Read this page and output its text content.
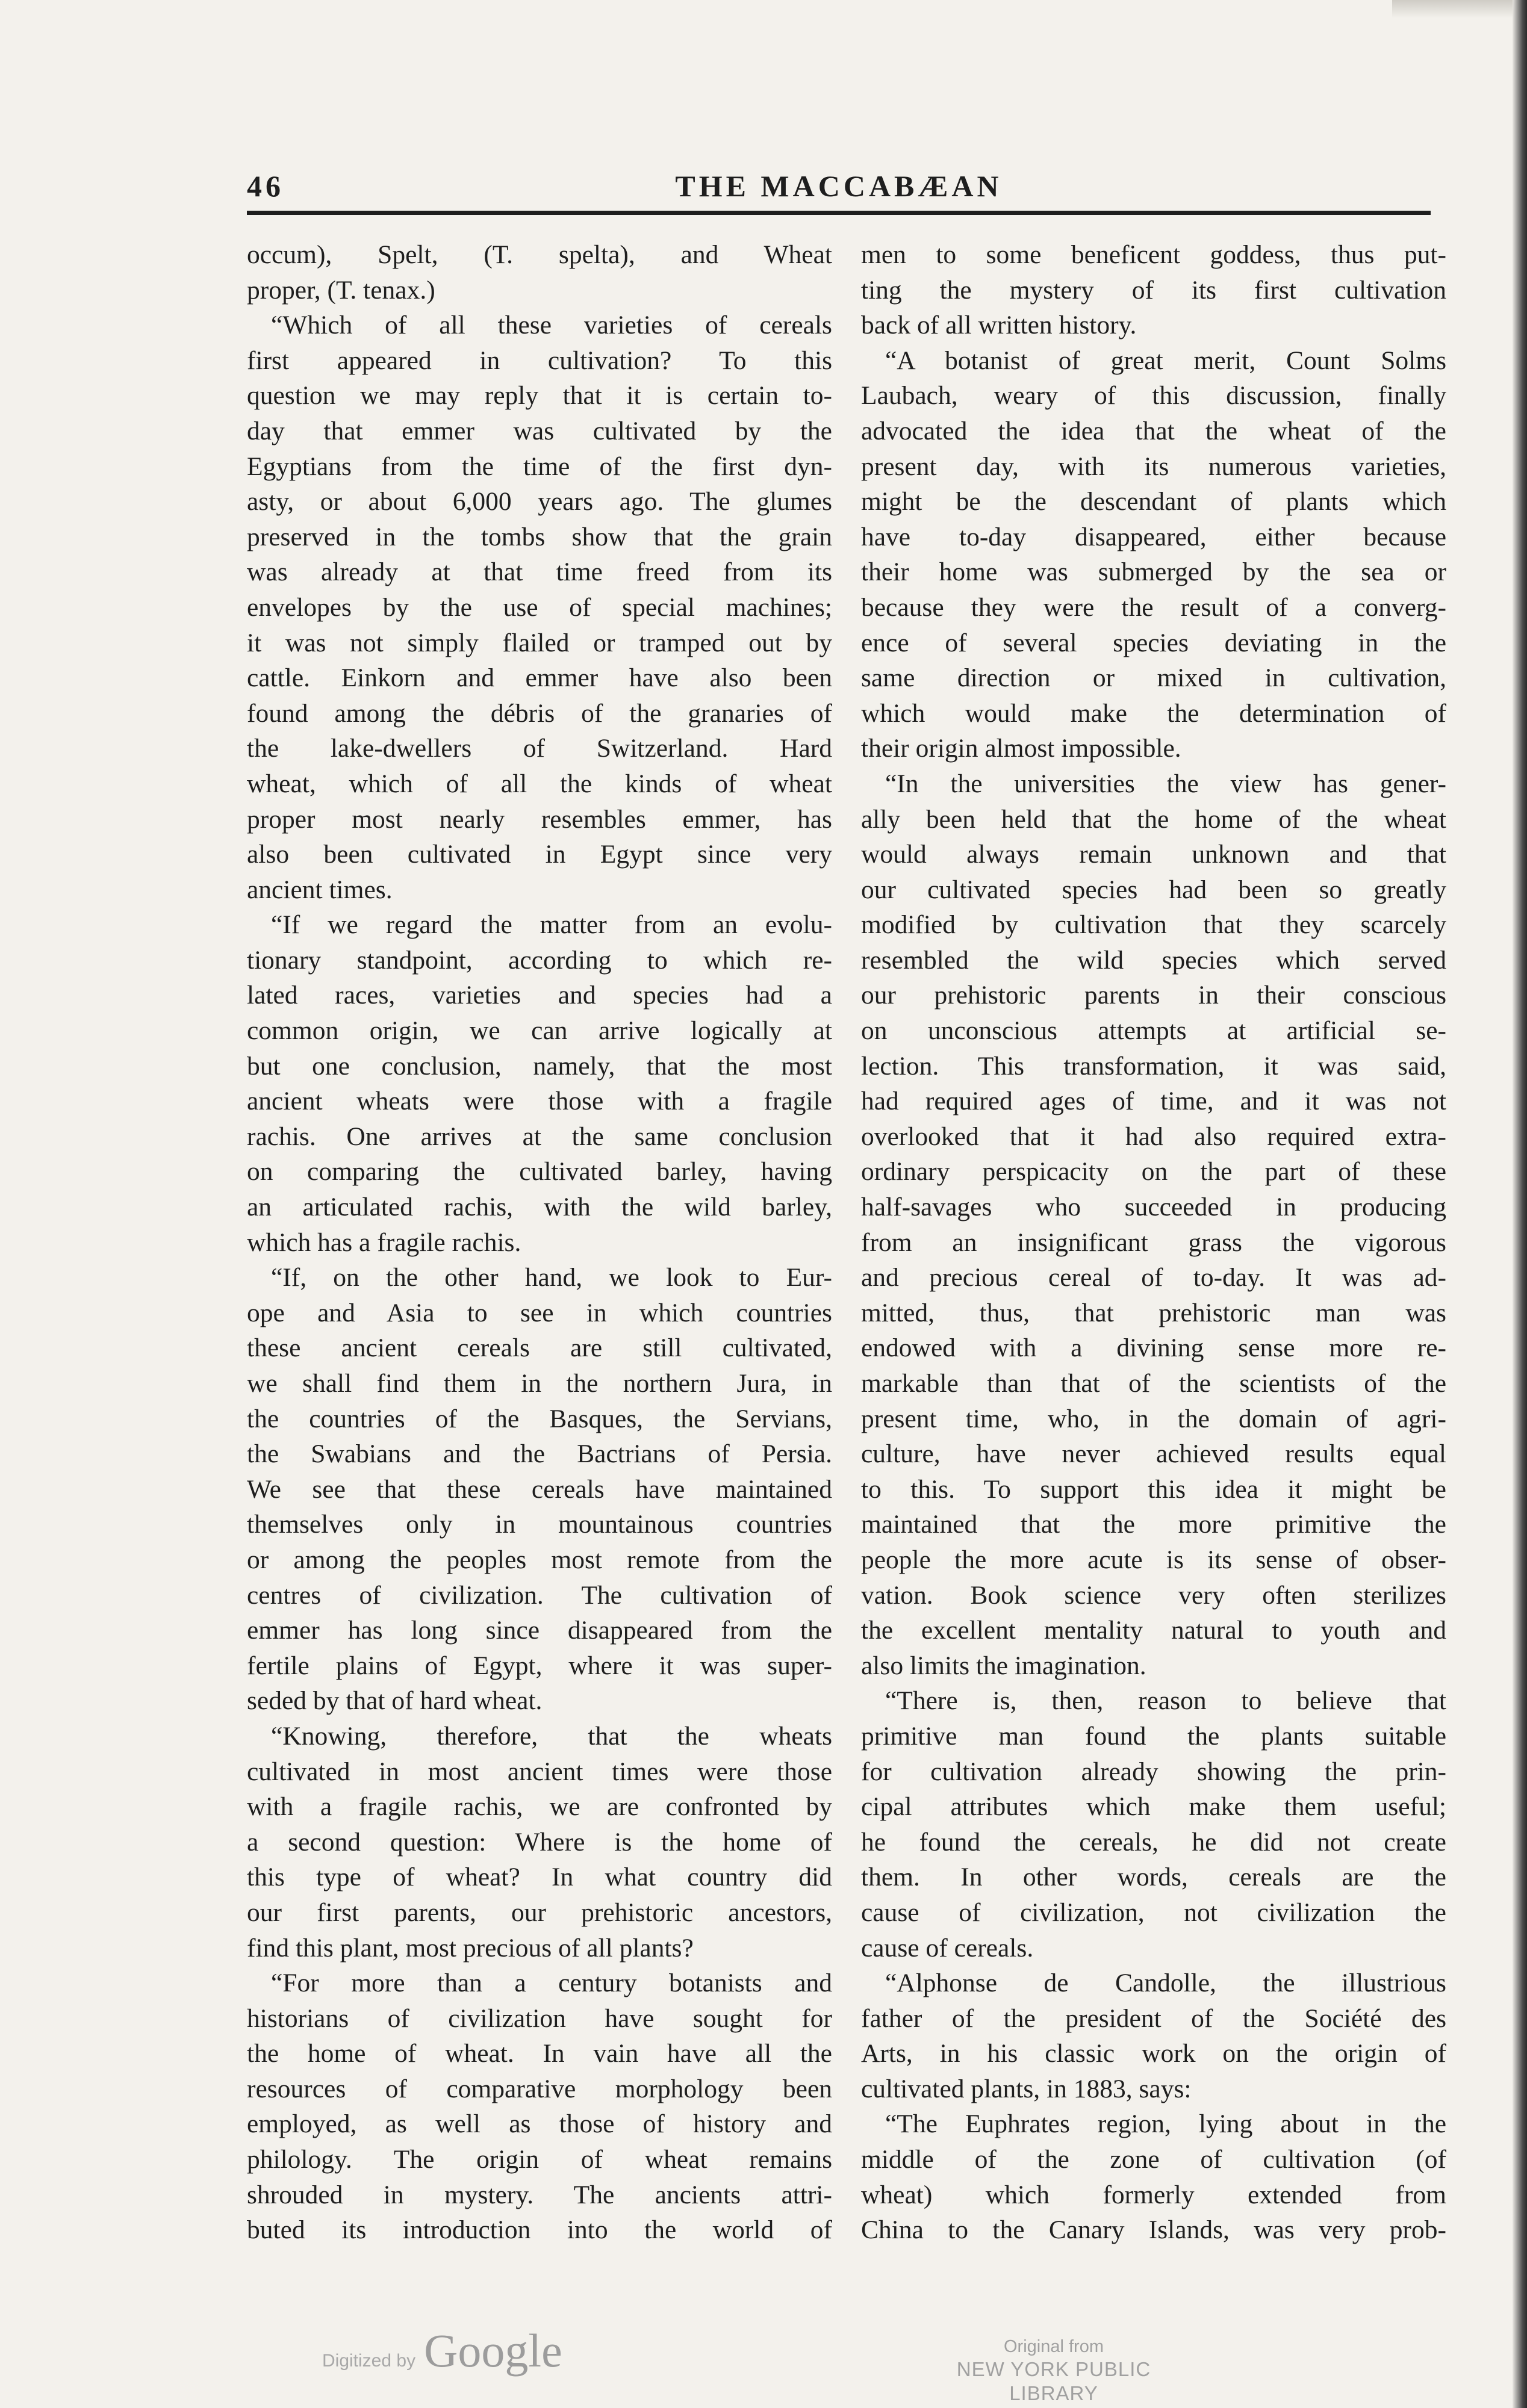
46	THE MACCABÆAN
occum), Spelt, (T. spelta), and Wheat
proper, (T. tenax.)
“Which of all these varieties of cereals
first appeared in cultivation? To this
question we may reply that it is certain to-
day that emmer was cultivated by the
Egyptians from the time of the first dyn-
asty, or about 6,000 years ago. The glumes
preserved in the tombs show that the grain
was already at that time freed from its
envelopes by the use of special machines;
it was not simply flailed or tramped out by
cattle. Einkorn and emmer have also been
found among the débris of the granaries of
the lake-dwellers of Switzerland. Hard
wheat, which of all the kinds of wheat
proper most nearly resembles emmer, has
also been cultivated in Egypt since very
ancient times.
“If we regard the matter from an evolu-
tionary standpoint, according to which re-
lated races, varieties and species had a
common origin, we can arrive logically at
but one conclusion, namely, that the most
ancient wheats were those with a fragile
rachis. One arrives at the same conclusion
on comparing the cultivated barley, having
an articulated rachis, with the wild barley,
which has a fragile rachis.
“If, on the other hand, we look to Eur-
ope and Asia to see in which countries
these ancient cereals are still cultivated,
we shall find them in the northern Jura, in
the countries of the Basques, the Servians,
the Swabians and the Bactrians of Persia.
We see that these cereals have maintained
themselves only in mountainous countries
or among the peoples most remote from the
centres of civilization. The cultivation of
emmer has long since disappeared from the
fertile plains of Egypt, where it was super-
seded by that of hard wheat.
“Knowing, therefore, that the wheats
cultivated in most ancient times were those
with a fragile rachis, we are confronted by
a second question: Where is the home of
this type of wheat? In what country did
our first parents, our prehistoric ancestors,
find this plant, most precious of all plants?
“For more than a century botanists and
historians of civilization have sought for
the home of wheat. In vain have all the
resources of comparative morphology been
employed, as well as those of history and
philology. The origin of wheat remains
shrouded in mystery. The ancients attri-
buted its introduction into the world of
men to some beneficent goddess, thus put-
ting the mystery of its first cultivation
back of all written history.
“A botanist of great merit, Count Solms
Laubach, weary of this discussion, finally
advocated the idea that the wheat of the
present day, with its numerous varieties,
might be the descendant of plants which
have to-day disappeared, either because
their home was submerged by the sea or
because they were the result of a converg-
ence of several species deviating in the
same direction or mixed in cultivation,
which would make the determination of
their origin almost impossible.
“In the universities the view has gener-
ally been held that the home of the wheat
would always remain unknown and that
our cultivated species had been so greatly
modified by cultivation that they scarcely
resembled the wild species which served
our prehistoric parents in their conscious
on unconscious attempts at artificial se-
lection. This transformation, it was said,
had required ages of time, and it was not
overlooked that it had also required extra-
ordinary perspicacity on the part of these
half-savages who succeeded in producing
from an insignificant grass the vigorous
and precious cereal of to-day. It was ad-
mitted, thus, that prehistoric man was
endowed with a divining sense more re-
markable than that of the scientists of the
present time, who, in the domain of agri-
culture, have never achieved results equal
to this. To support this idea it might be
maintained that the more primitive the
people the more acute is its sense of obser-
vation. Book science very often sterilizes
the excellent mentality natural to youth and
also limits the imagination.
“There is, then, reason to believe that
primitive man found the plants suitable
for cultivation already showing the prin-
cipal attributes which make them useful;
he found the cereals, he did not create
them. In other words, cereals are the
cause of civilization, not civilization the
cause of cereals.
“Alphonse de Candolle, the illustrious
father of the president of the Société des
Arts, in his classic work on the origin of
cultivated plants, in 1883, says:
“The Euphrates region, lying about in the
middle of the zone of cultivation (of
wheat) which formerly extended from
China to the Canary Islands, was very prob-
Digitized by Google	Original from
NEW YORK PUBLIC LIBRARY
